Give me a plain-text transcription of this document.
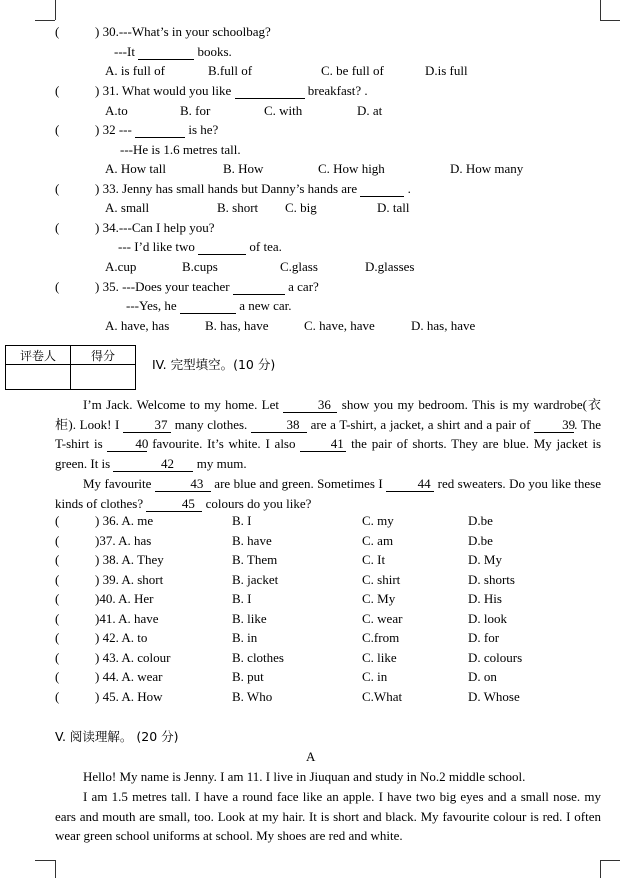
(	) 30.---What’s in your schoolbag?
---It	books.
A. is full of	B.full of	C. be full of	D.is full
(	) 31. What would you like	breakfast? .
A.to	B. for	C. with	D. at
(	) 32 ---	is he?
---He is 1.6 metres tall.
A. How tall	B. How	C. How high	D. How many
(	) 33. Jenny has small hands but Danny’s hands are	.
A. small	B. short C. big	D. tall
(	) 34.---Can I help you?
--- I’d like two	of tea.
A.cup	B.cups	C.glass	D.glasses
(	) 35. ---Does your teacher	a car?
---Yes, he	a new car.
A. have, has	B. has, have	C. have, have	D. has, have
评卷人	得分

IV. 完型填空。(10 分)
I’m Jack. Welcome to my home. Let	36 show you my bedroom. This is my wardrobe(衣柜). Look! I	37 many clothes.	38 are a T-shirt, a jacket, a shirt and a pair of 39. The T-shirt is	40 favourite. It’s white. I also	41 the pair of shorts. They are blue. My jacket is green. It is	42 my mum.
My favourite	43 are blue and green. Sometimes I	44 red sweaters. Do you like these kinds of clothes?	45 colours do you like?
(	) 36. A. me	B. I	C. my	D.be
(	)37. A. has	B. have	C. am	D.be
(	) 38. A. They	B. Them	C. It	D. My
(	) 39. A. short	B. jacket	C. shirt	D. shorts
(	)40. A. Her	B. I	C. My	D. His
(	)41. A. have	B. like	C. wear	D. look
(	) 42. A. to	B. in	C.from	D. for
(	) 43. A. colour	B. clothes	C. like	D. colours
(	) 44. A. wear	B. put	C. in	D. on
(	) 45. A. How	B. Who	C.What	D. Whose
V. 阅读理解。 (20 分)
A
Hello! My name is Jenny. I am 11. I live in Jiuquan and study in No.2 middle school.
I am 1.5 metres tall. I have a round face like an apple. I have two big eyes and a small nose. my ears and mouth are small, too. Look at my hair. It is short and black. My favourite colour is red. I often wear green school uniforms at school. My shoes are red and white.
